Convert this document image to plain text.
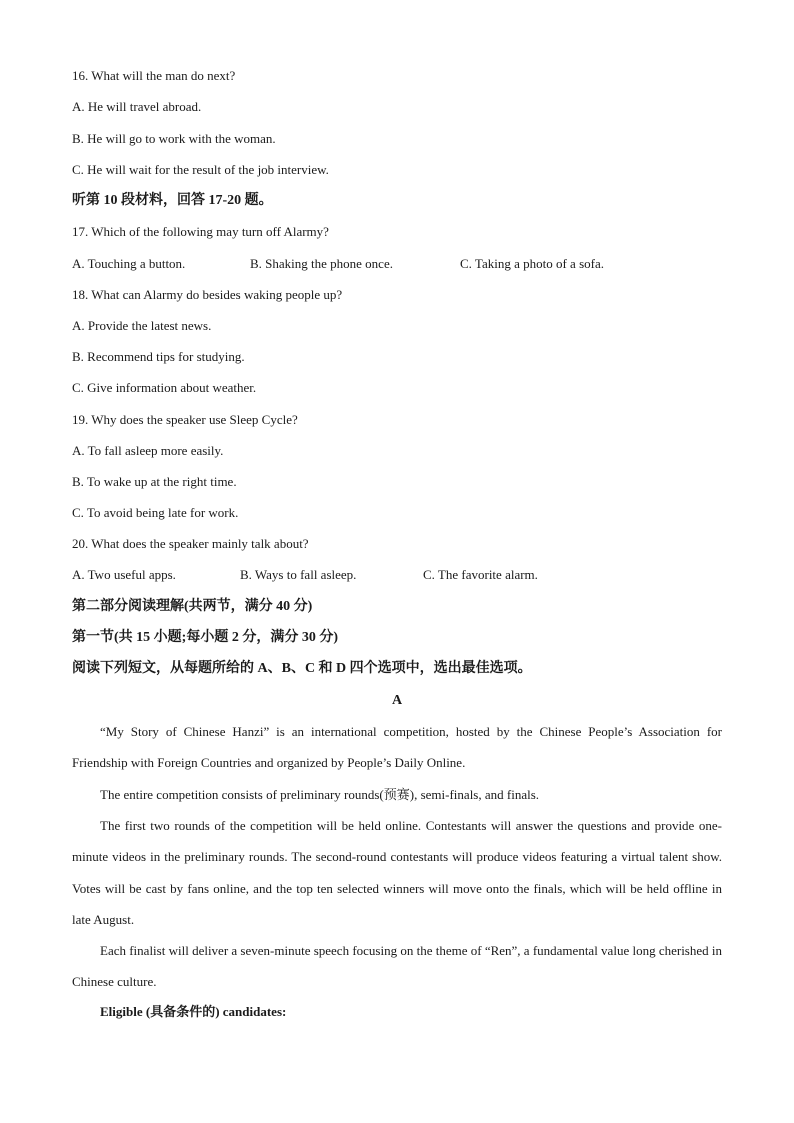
16. What will the man do next?
A. He will travel abroad.
B. He will go to work with the woman.
C. He will wait for the result of the job interview.
听第 10 段材料，回答 17-20 题。
17. Which of the following may turn off Alarmy?
A. Touching a button.	B. Shaking the phone once.	C. Taking a photo of a sofa.
18. What can Alarmy do besides waking people up?
A. Provide the latest news.
B. Recommend tips for studying.
C. Give information about weather.
19. Why does the speaker use Sleep Cycle?
A. To fall asleep more easily.
B. To wake up at the right time.
C. To avoid being late for work.
20. What does the speaker mainly talk about?
A. Two useful apps.	B. Ways to fall asleep.	C. The favorite alarm.
第二部分阅读理解(共两节，满分 40 分)
第一节(共 15 小题;每小题 2 分，满分 30 分)
阅读下列短文，从每题所给的 A、B、C 和 D 四个选项中，选出最佳选项。
A
“My Story of Chinese Hanzi” is an international competition, hosted by the Chinese People’s Association for Friendship with Foreign Countries and organized by People’s Daily Online.
The entire competition consists of preliminary rounds(预赛), semi-finals, and finals.
The first two rounds of the competition will be held online. Contestants will answer the questions and provide one-minute videos in the preliminary rounds. The second-round contestants will produce videos featuring a virtual talent show. Votes will be cast by fans online, and the top ten selected winners will move onto the finals, which will be held offline in late August.
Each finalist will deliver a seven-minute speech focusing on the theme of “Ren”, a fundamental value long cherished in Chinese culture.
Eligible (具备条件的) candidates:
